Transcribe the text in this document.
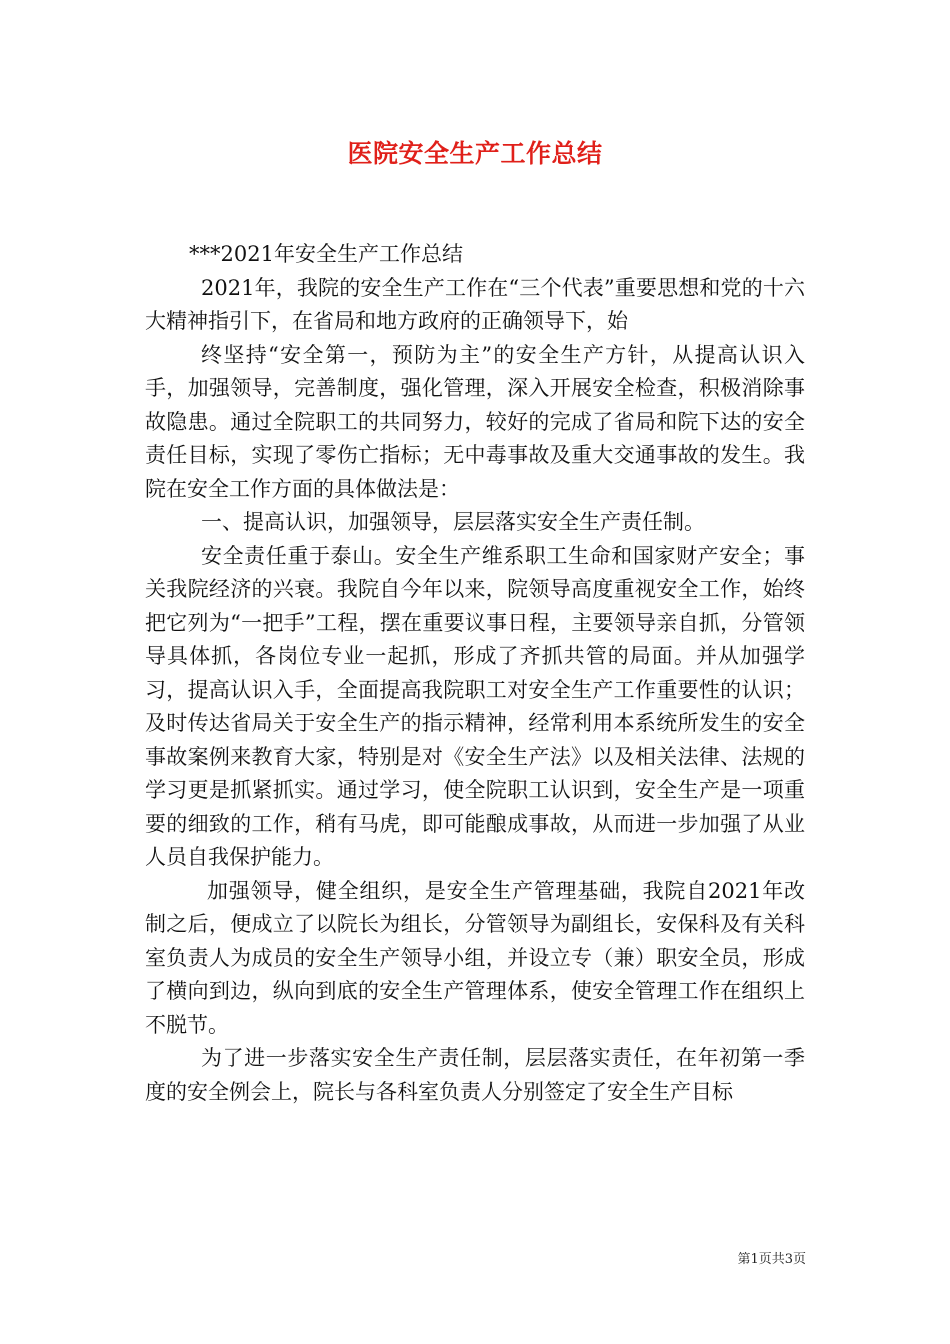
医院安全生产工作总结

***2021年安全生产工作总结

2021年，我院的安全生产工作在“三个代表”重要思想和党的十六大精神指引下，在省局和地方政府的正确领导下，始

终坚持“安全第一，预防为主”的安全生产方针，从提高认识入手，加强领导，完善制度，强化管理，深入开展安全检查，积极消除事故隐患。通过全院职工的共同努力，较好的完成了省局和院下达的安全责任目标，实现了零伤亡指标；无中毒事故及重大交通事故的发生。我院在安全工作方面的具体做法是：

一、提高认识，加强领导，层层落实安全生产责任制。

安全责任重于泰山。安全生产维系职工生命和国家财产安全；事关我院经济的兴衰。我院自今年以来，院领导高度重视安全工作，始终把它列为“一把手”工程，摆在重要议事日程，主要领导亲自抓，分管领导具体抓，各岗位专业一起抓，形成了齐抓共管的局面。并从加强学习，提高认识入手，全面提高我院职工对安全生产工作重要性的认识；及时传达省局关于安全生产的指示精神，经常利用本系统所发生的安全事故案例来教育大家，特别是对《安全生产法》以及相关法律、法规的学习更是抓紧抓实。通过学习，使全院职工认识到，安全生产是一项重要的细致的工作，稍有马虎，即可能酿成事故，从而进一步加强了从业人员自我保护能力。

加强领导，健全组织，是安全生产管理基础，我院自2021年改制之后，便成立了以院长为组长，分管领导为副组长，安保科及有关科室负责人为成员的安全生产领导小组，并设立专（兼）职安全员，形成了横向到边，纵向到底的安全生产管理体系，使安全管理工作在组织上不脱节。

为了进一步落实安全生产责任制，层层落实责任，在年初第一季度的安全例会上，院长与各科室负责人分别签定了安全生产目标

第1页共3页
